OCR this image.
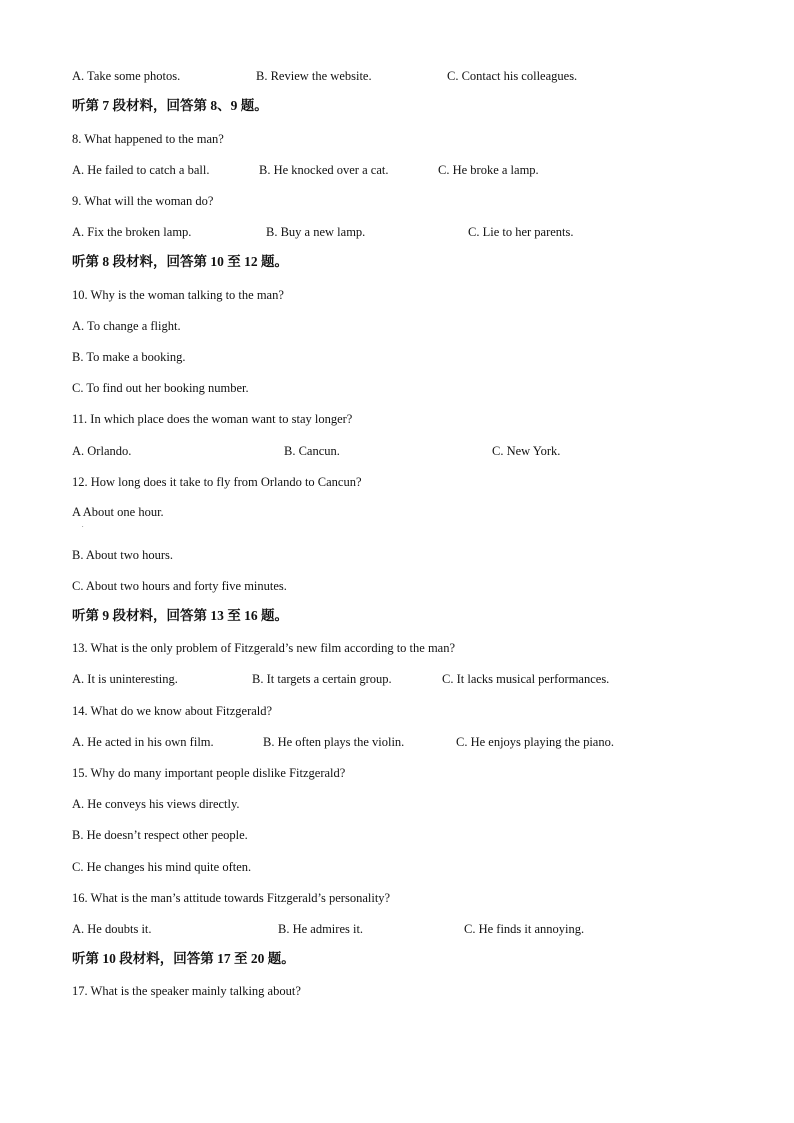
A. Take some photos.	B. Review the website.	C. Contact his colleagues.
听第 7 段材料，回答第 8、9 题。
8. What happened to the man?
A. He failed to catch a ball.	B. He knocked over a cat.	C. He broke a lamp.
9. What will the woman do?
A. Fix the broken lamp.	B. Buy a new lamp.	C. Lie to her parents.
听第 8 段材料，回答第 10 至 12 题。
10. Why is the woman talking to the man?
A. To change a flight.
B. To make a booking.
C. To find out her booking number.
11. In which place does the woman want to stay longer?
A. Orlando.	B. Cancun.	C. New York.
12. How long does it take to fly from Orlando to Cancun?
A About one hour.
.
B. About two hours.
C. About two hours and forty five minutes.
听第 9 段材料，回答第 13 至 16 题。
13. What is the only problem of Fitzgerald’s new film according to the man?
A. It is uninteresting.	B. It targets a certain group.	C. It lacks musical performances.
14. What do we know about Fitzgerald?
A. He acted in his own film.	B. He often plays the violin.	C. He enjoys playing the piano.
15. Why do many important people dislike Fitzgerald?
A. He conveys his views directly.
B. He doesn’t respect other people.
C. He changes his mind quite often.
16. What is the man’s attitude towards Fitzgerald’s personality?
A. He doubts it.	B. He admires it.	C. He finds it annoying.
听第 10 段材料，回答第 17 至 20 题。
17. What is the speaker mainly talking about?
